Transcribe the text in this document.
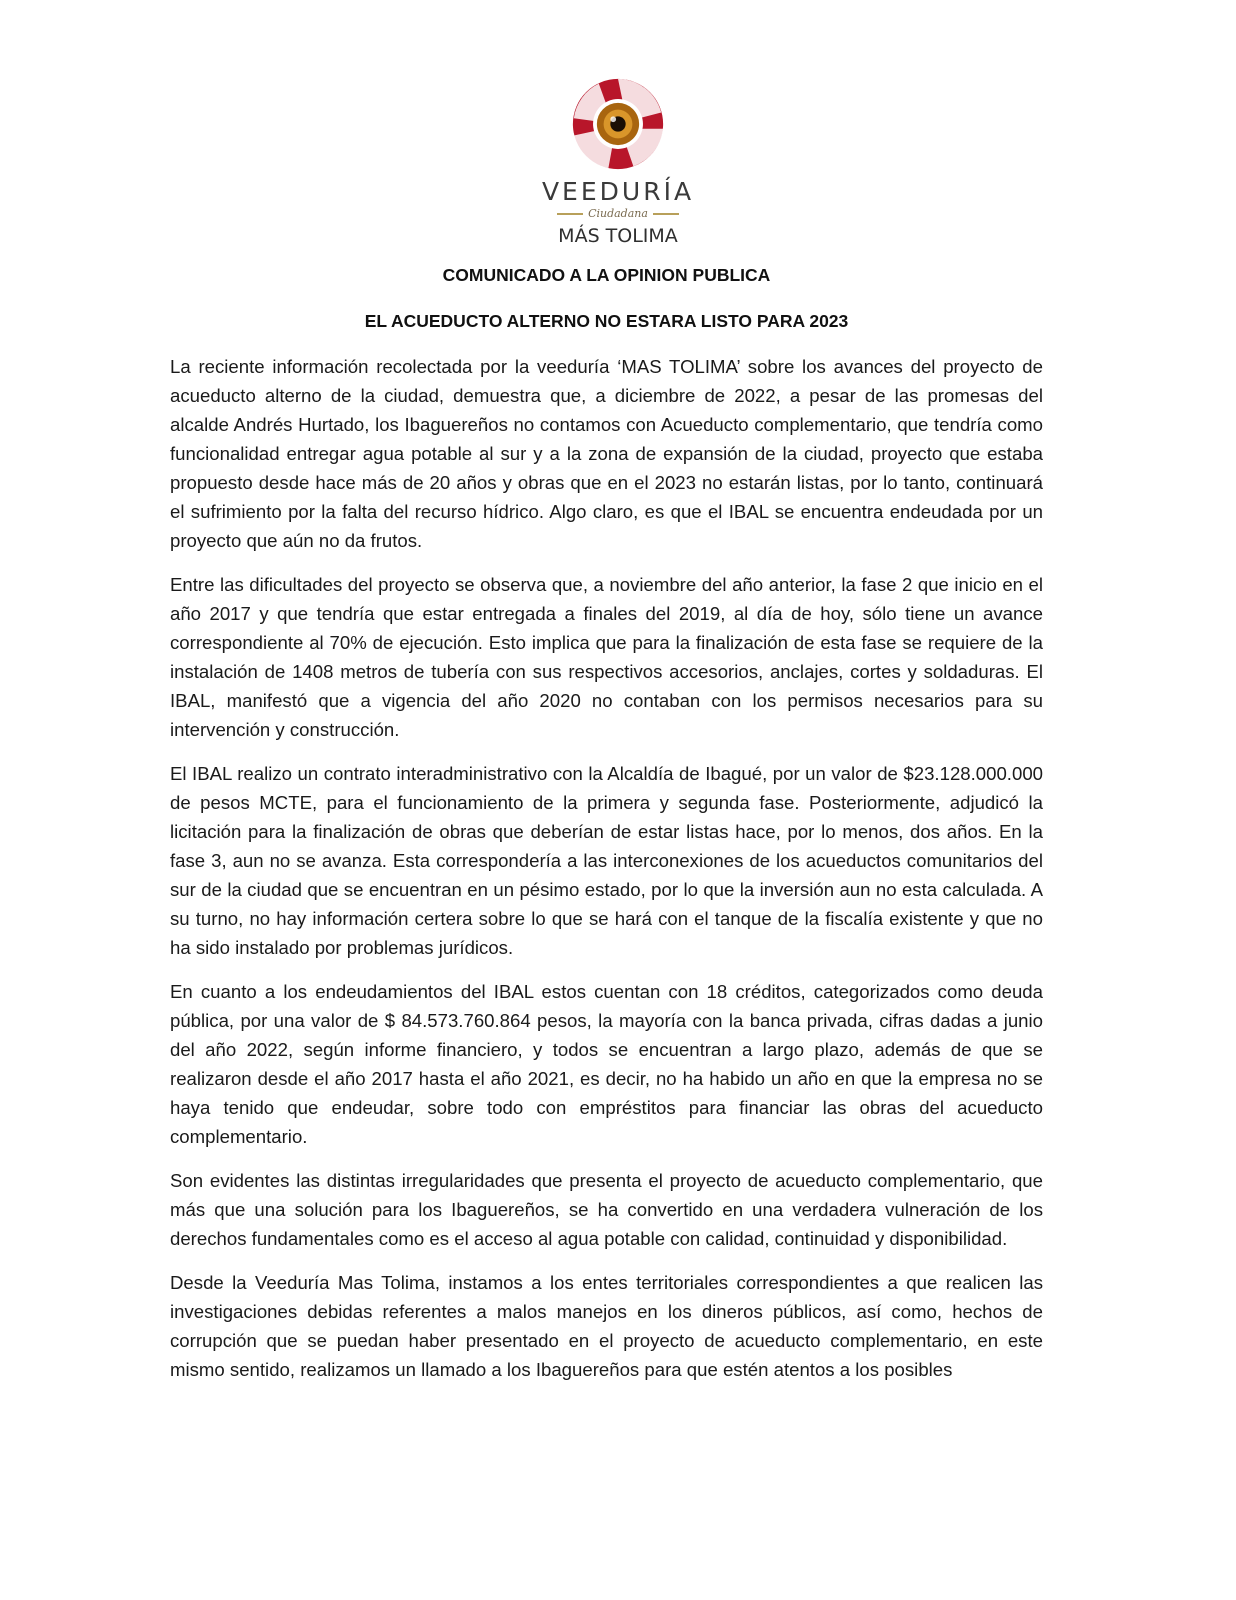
VEEDURÍA
Ciudadana
MÁS TOLIMA
COMUNICADO A LA OPINION PUBLICA
EL ACUEDUCTO ALTERNO NO ESTARA LISTO PARA 2023

La reciente información recolectada por la veeduría ‘MAS TOLIMA’ sobre los avances del proyecto de acueducto alterno de la ciudad, demuestra que, a diciembre de 2022, a pesar de las promesas del alcalde Andrés Hurtado, los Ibaguereños no contamos con Acueducto complementario, que tendría como funcionalidad entregar agua potable al sur y a la zona de expansión de la ciudad, proyecto que estaba propuesto desde hace más de 20 años y obras que en el 2023 no estarán listas, por lo tanto, continuará el sufrimiento por la falta del recurso hídrico. Algo claro, es que el IBAL se encuentra endeudada por un proyecto que aún no da frutos.

Entre las dificultades del proyecto se observa que, a noviembre del año anterior, la fase 2 que inicio en el año 2017 y que tendría que estar entregada a finales del 2019, al día de hoy, sólo tiene un avance correspondiente al 70% de ejecución. Esto implica que para la finalización de esta fase se requiere de la instalación de 1408 metros de tubería con sus respectivos accesorios, anclajes, cortes y soldaduras. El IBAL, manifestó que a vigencia del año 2020 no contaban con los permisos necesarios para su intervención y construcción.

El IBAL realizo un contrato interadministrativo con la Alcaldía de Ibagué, por un valor de $23.128.000.000 de pesos MCTE, para el funcionamiento de la primera y segunda fase. Posteriormente, adjudicó la licitación para la finalización de obras que deberían de estar listas hace, por lo menos, dos años. En la fase 3, aun no se avanza. Esta correspondería a las interconexiones de los acueductos comunitarios del sur de la ciudad que se encuentran en un pésimo estado, por lo que la inversión aun no esta calculada. A su turno, no hay información certera sobre lo que se hará con el tanque de la fiscalía existente y que no ha sido instalado por problemas jurídicos.

En cuanto a los endeudamientos del IBAL estos cuentan con 18 créditos, categorizados como deuda pública, por una valor de $ 84.573.760.864 pesos, la mayoría con la banca privada, cifras dadas a junio del año 2022, según informe financiero, y todos se encuentran a largo plazo, además de que se realizaron desde el año 2017 hasta el año 2021, es decir, no ha habido un año en que la empresa no se haya tenido que endeudar, sobre todo con empréstitos para financiar las obras del acueducto complementario.

Son evidentes las distintas irregularidades que presenta el proyecto de acueducto complementario, que más que una solución para los Ibaguereños, se ha convertido en una verdadera vulneración de los derechos fundamentales como es el acceso al agua potable con calidad, continuidad y disponibilidad.

Desde la Veeduría Mas Tolima, instamos a los entes territoriales correspondientes a que realicen las investigaciones debidas referentes a malos manejos en los dineros públicos, así como, hechos de corrupción que se puedan haber presentado en el proyecto de acueducto complementario, en este mismo sentido, realizamos un llamado a los Ibaguereños para que estén atentos a los posibles
